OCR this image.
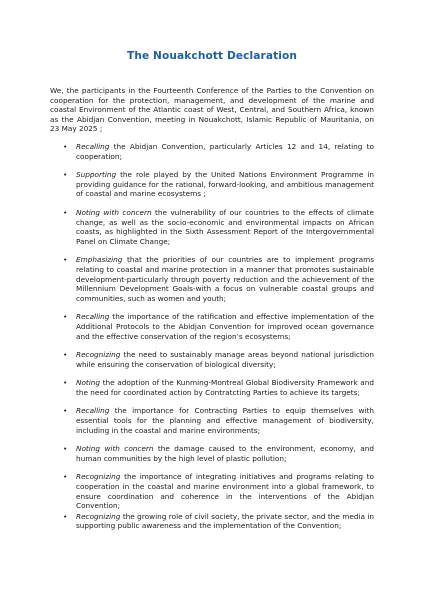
The Nouakchott Declaration
We, the participants in the Fourteenth Conference of the Parties to the Convention on cooperation for the protection, management, and development of the marine and coastal Environment of the Atlantic coast of West, Central, and Southern Africa, known as the Abidjan Convention, meeting in Nouakchott, Islamic Republic of Mauritania, on 23 May 2025 ;
• Recalling the Abidjan Convention, particularly Articles 12 and 14, relating to cooperation;
• Supporting the role played by the United Nations Environment Programme in providing guidance for the rational, forward-looking, and ambitious management of coastal and marine ecosystems ;
• Noting with concern the vulnerability of our countries to the effects of climate change, as well as the socio-economic and environmental impacts on African coasts, as highlighted in the Sixth Assessment Report of the Intergovernmental Panel on Climate Change;
• Emphasizing that the priorities of our countries are to implement programs relating to coastal and marine protection in a manner that promotes sustainable development-particularly through poverty reduction and the achievement of the Millennium Development Goals-with a focus on vulnerable coastal groups and communities, such as women and youth;
• Recalling the importance of the ratification and effective implementation of the Additional Protocols to the Abidjan Convention for improved ocean governance and the effective conservation of the region’s ecosystems;
• Recognizing the need to sustainably manage areas beyond national jurisdiction while ensuring the conservation of biological diversity;
• Noting the adoption of the Kunming-Montreal Global Biodiversity Framework and the need for coordinated action by Contratcting Parties to achieve its targets;
• Recalling the importance for Contracting Parties to equip themselves with essential tools for the planning and effective management of biodiversity, including in the coastal and marine environments;
• Noting with concern the damage caused to the environment, economy, and human communities by the high level of plastic pollution;
• Recognizing the importance of integrating initiatives and programs relating to cooperation in the coastal and marine environment into a global framework, to ensure coordination and coherence in the interventions of the Abidjan Convention;
• Recognizing the growing role of civil society, the private sector, and the media in supporting public awareness and the implementation of the Convention;
